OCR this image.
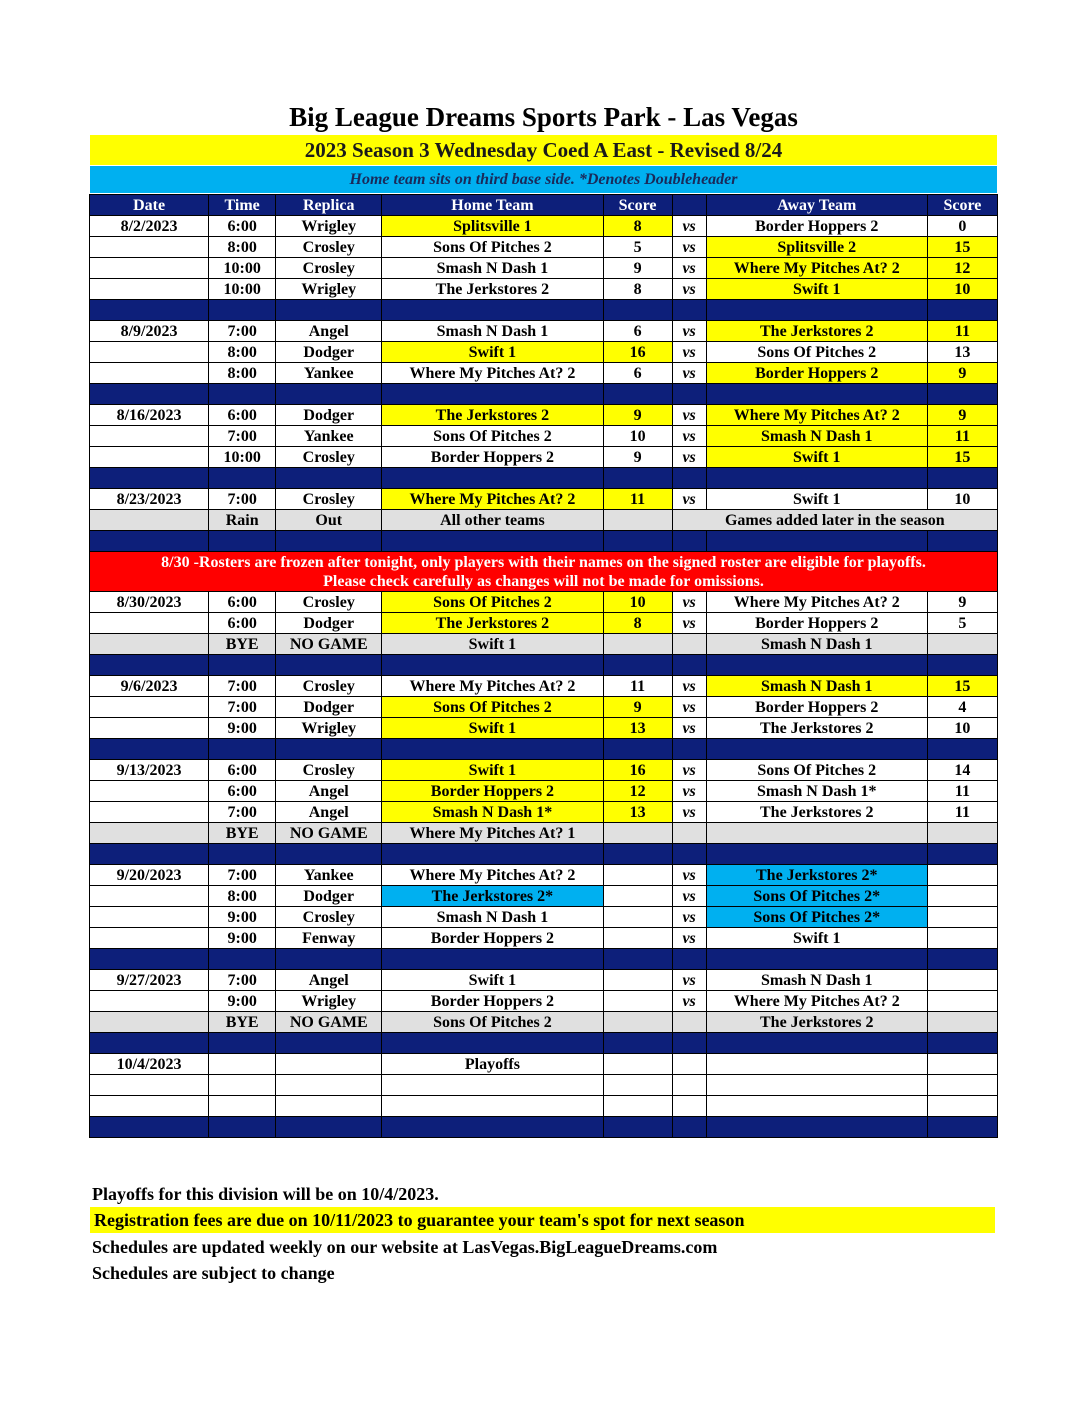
Big League Dreams Sports Park - Las Vegas
2023 Season 3 Wednesday Coed A East - Revised 8/24
Home team sits on third base side. *Denotes Doubleheader
Date	Time	Replica	Home Team	Score		Away Team	Score
8/2/2023	6:00	Wrigley	Splitsville 1	8	vs	Border Hoppers 2	0
	8:00	Crosley	Sons Of Pitches 2	5	vs	Splitsville 2	15
	10:00	Crosley	Smash N Dash 1	9	vs	Where My Pitches At? 2	12
	10:00	Wrigley	The Jerkstores 2	8	vs	Swift 1	10

8/9/2023	7:00	Angel	Smash N Dash 1	6	vs	The Jerkstores 2	11
	8:00	Dodger	Swift 1	16	vs	Sons Of Pitches 2	13
	8:00	Yankee	Where My Pitches At? 2	6	vs	Border Hoppers 2	9

8/16/2023	6:00	Dodger	The Jerkstores 2	9	vs	Where My Pitches At? 2	9
	7:00	Yankee	Sons Of Pitches 2	10	vs	Smash N Dash 1	11
	10:00	Crosley	Border Hoppers 2	9	vs	Swift 1	15

8/23/2023	7:00	Crosley	Where My Pitches At? 2	11	vs	Swift 1	10
	Rain	Out	All other teams		Games added later in the season		

8/30 -Rosters are frozen after tonight, only players with their names on the signed roster are eligible for playoffs.
Please check carefully as changes will not be made for omissions.							

8/30/2023	6:00	Crosley	Sons Of Pitches 2	10	vs	Where My Pitches At? 2	9
	6:00	Dodger	The Jerkstores 2	8	vs	Border Hoppers 2	5
	BYE	NO GAME	Swift 1			Smash N Dash 1	

9/6/2023	7:00	Crosley	Where My Pitches At? 2	11	vs	Smash N Dash 1	15
	7:00	Dodger	Sons Of Pitches 2	9	vs	Border Hoppers 2	4
	9:00	Wrigley	Swift 1	13	vs	The Jerkstores 2	10

9/13/2023	6:00	Crosley	Swift 1	16	vs	Sons Of Pitches 2	14
	6:00	Angel	Border Hoppers 2	12	vs	Smash N Dash 1*	11
	7:00	Angel	Smash N Dash 1*	13	vs	The Jerkstores 2	11
	BYE	NO GAME	Where My Pitches At? 1				

9/20/2023	7:00	Yankee	Where My Pitches At? 2		vs	The Jerkstores 2*	
	8:00	Dodger	The Jerkstores 2*		vs	Sons Of Pitches 2*	
	9:00	Crosley	Smash N Dash 1		vs	Sons Of Pitches 2*	
	9:00	Fenway	Border Hoppers 2		vs	Swift 1	

9/27/2023	7:00	Angel	Swift 1		vs	Smash N Dash 1	
	9:00	Wrigley	Border Hoppers 2		vs	Where My Pitches At? 2	
	BYE	NO GAME	Sons Of Pitches 2			The Jerkstores 2	

10/4/2023			Playoffs				

Playoffs for this division will be on 10/4/2023.
Registration fees are due on 10/11/2023 to guarantee your team's spot for next season
Schedules are updated weekly on our website at LasVegas.BigLeagueDreams.com
Schedules are subject to change
